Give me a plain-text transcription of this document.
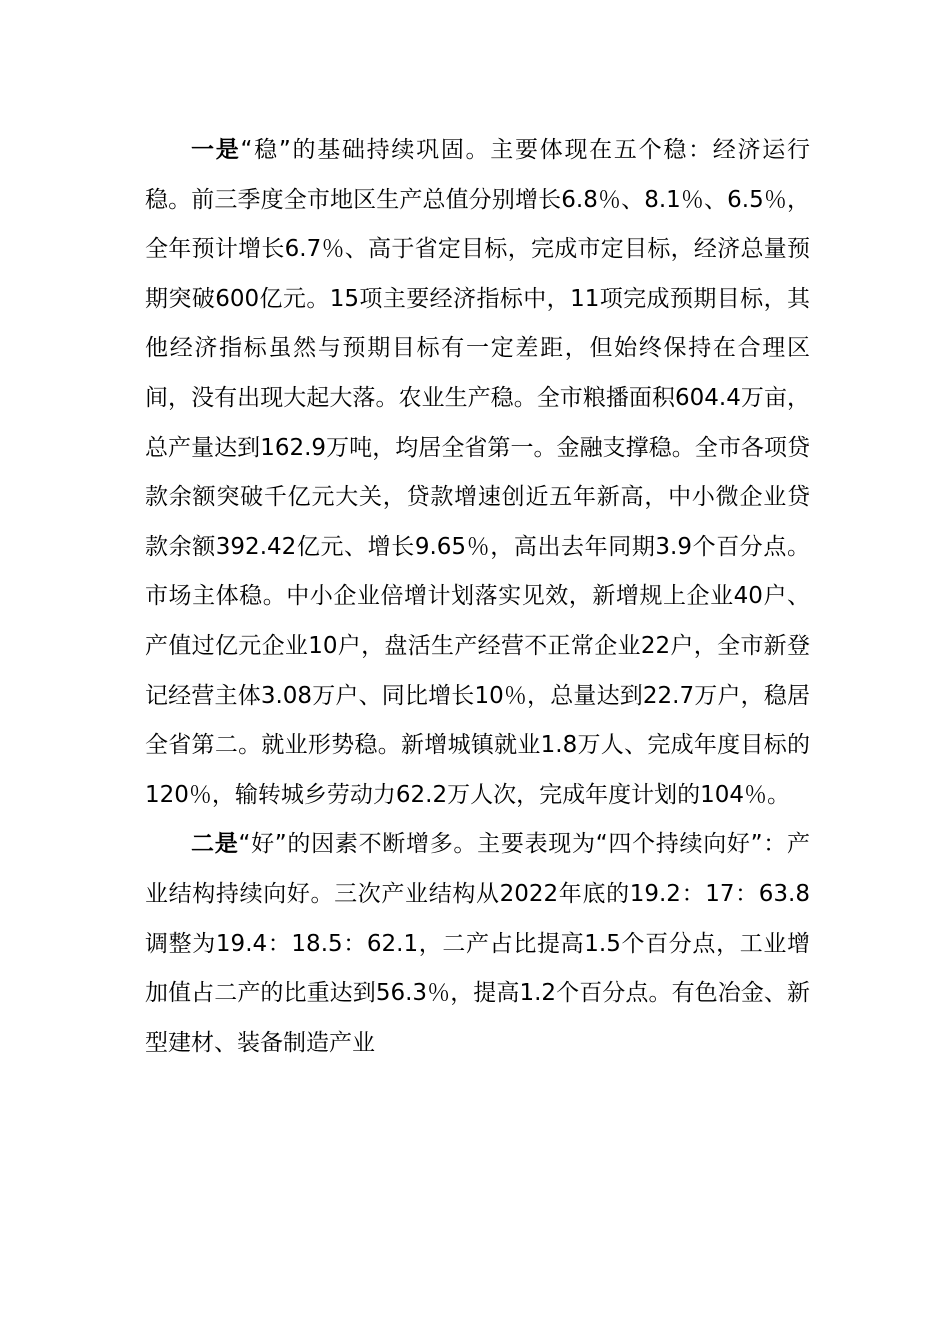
一是“稳”的基础持续巩固。主要体现在五个稳：经济运行稳。前三季度全市地区生产总值分别增长6.8％、8.1％、6.5％，全年预计增长6.7％、高于省定目标，完成市定目标，经济总量预期突破600亿元。15项主要经济指标中，11项完成预期目标，其他经济指标虽然与预期目标有一定差距，但始终保持在合理区间，没有出现大起大落。农业生产稳。全市粮播面积604.4万亩，总产量达到162.9万吨，均居全省第一。金融支撑稳。全市各项贷款余额突破千亿元大关，贷款增速创近五年新高，中小微企业贷款余额392.42亿元、增长9.65％，高出去年同期3.9个百分点。市场主体稳。中小企业倍增计划落实见效，新增规上企业40户、产值过亿元企业10户，盘活生产经营不正常企业22户，全市新登记经营主体3.08万户、同比增长10％，总量达到22.7万户，稳居全省第二。就业形势稳。新增城镇就业1.8万人、完成年度目标的120％，输转城乡劳动力62.2万人次，完成年度计划的104％。

二是“好”的因素不断增多。主要表现为“四个持续向好”：产业结构持续向好。三次产业结构从2022年底的19.2：17：63.8调整为19.4：18.5：62.1，二产占比提高1.5个百分点，工业增加值占二产的比重达到56.3％，提高1.2个百分点。有色冶金、新型建材、装备制造产业
